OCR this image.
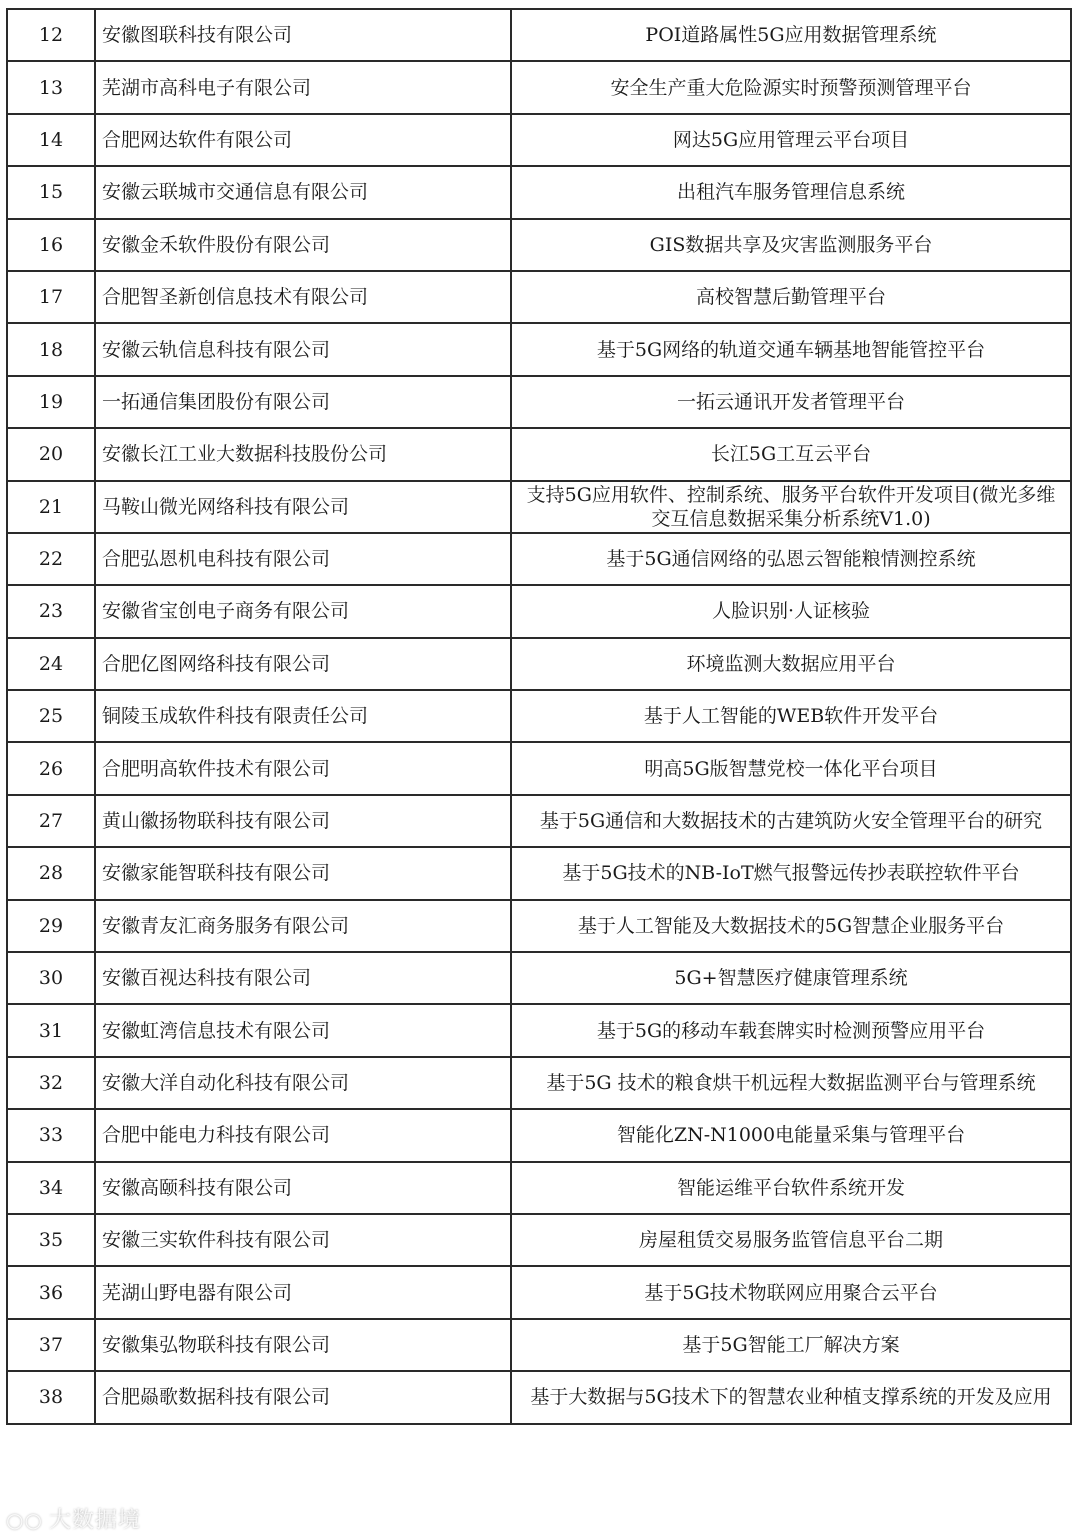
12	安徽图联科技有限公司	POI道路属性5G应用数据管理系统
13	芜湖市高科电子有限公司	安全生产重大危险源实时预警预测管理平台
14	合肥网达软件有限公司	网达5G应用管理云平台项目
15	安徽云联城市交通信息有限公司	出租汽车服务管理信息系统
16	安徽金禾软件股份有限公司	GIS数据共享及灾害监测服务平台
17	合肥智圣新创信息技术有限公司	高校智慧后勤管理平台
18	安徽云轨信息科技有限公司	基于5G网络的轨道交通车辆基地智能管控平台
19	一拓通信集团股份有限公司	一拓云通讯开发者管理平台
20	安徽长江工业大数据科技股份公司	长江5G工互云平台
21	马鞍山微光网络科技有限公司	支持5G应用软件、控制系统、服务平台软件开发项目(微光多维
交互信息数据采集分析系统V1.0)

22	合肥弘恩机电科技有限公司	基于5G通信网络的弘恩云智能粮情测控系统
23	安徽省宝创电子商务有限公司	人脸识别·人证核验
24	合肥亿图网络科技有限公司	环境监测大数据应用平台
25	铜陵玉成软件科技有限责任公司	基于人工智能的WEB软件开发平台
26	合肥明高软件技术有限公司	明高5G版智慧党校一体化平台项目
27	黄山徽扬物联科技有限公司	基于5G通信和大数据技术的古建筑防火安全管理平台的研究
28	安徽家能智联科技有限公司	基于5G技术的NB-IoT燃气报警远传抄表联控软件平台
29	安徽青友汇商务服务有限公司	基于人工智能及大数据技术的5G智慧企业服务平台
30	安徽百视达科技有限公司	5G+智慧医疗健康管理系统
31	安徽虹湾信息技术有限公司	基于5G的移动车载套牌实时检测预警应用平台
32	安徽大洋自动化科技有限公司	基于5G 技术的粮食烘干机远程大数据监测平台与管理系统
33	合肥中能电力科技有限公司	智能化ZN-N1000电能量采集与管理平台
34	安徽高颐科技有限公司	智能运维平台软件系统开发
35	安徽三实软件科技有限公司	房屋租赁交易服务监管信息平台二期
36	芜湖山野电器有限公司	基于5G技术物联网应用聚合云平台
37	安徽集弘物联科技有限公司	基于5G智能工厂解决方案
38	合肥赑歌数据科技有限公司	基于大数据与5G技术下的智慧农业种植支撑系统的开发及应用
○○ 大数据境
